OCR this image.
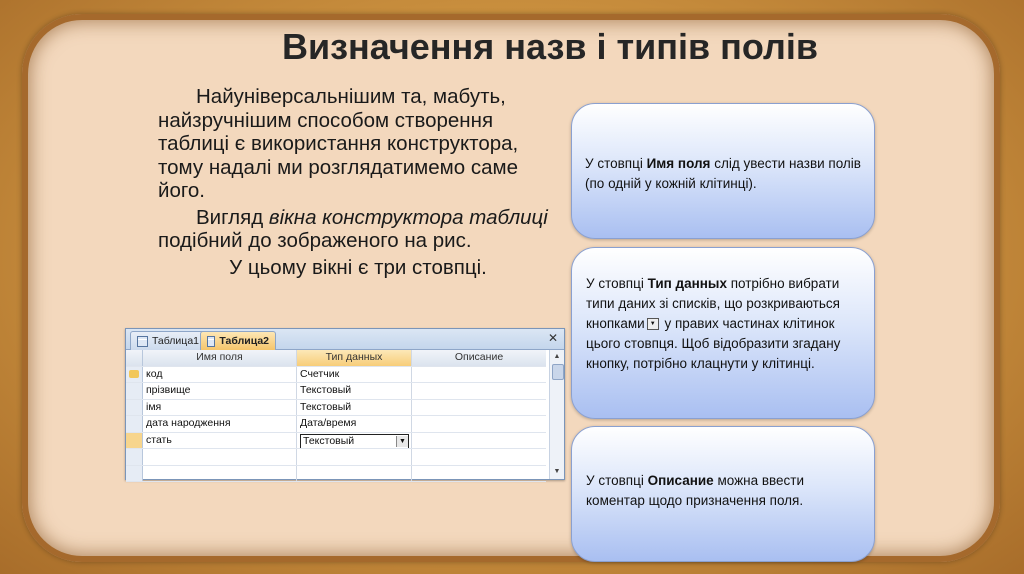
Визначення назв і типів полів

Найуніверсальнішим та, мабуть, найзручнішим способом створення таблиці є використання конструктора, тому надалі ми розглядатимемо саме його.

Вигляд вікна конструктора таблиці подібний до зображеного на рис.

У цьому вікні є три стовпці.

Таблица1 Таблица2	✕
Имя поля	Тип данных	Описание
код	Счетчик
прізвище	Текстовый
імя	Текстовый
дата народження	Дата/время
стать	Текстовый	▼
▲
▼
У стовпці Имя поля слід увести назви полів (по одній у кожній клітинці).
У стовпці Тип данных потрібно вибрати типи даних зі списків, що розкриваються кнопками ▼ у правих частинах клітинок цього стовпця. Щоб відобразити згадану кнопку, потрібно клацнути у клітинці.
У стовпці Описание можна ввести коментар щодо призначення поля.
